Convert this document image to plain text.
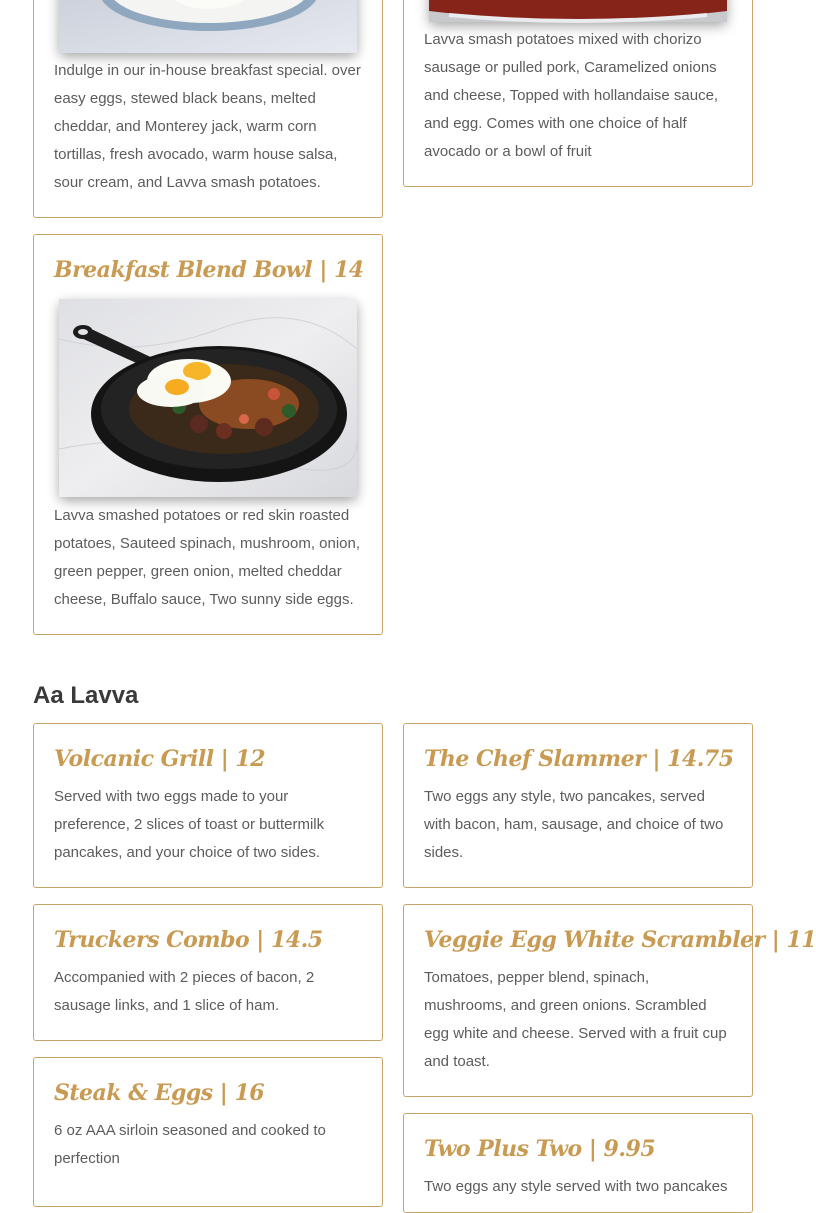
Indulge in our in-house breakfast special. over easy eggs, stewed black beans, melted cheddar, and Monterey jack, warm corn tortillas, fresh avocado, warm house salsa, sour cream, and Lavva smash potatoes.
Lavva smash potatoes mixed with chorizo sausage or pulled pork, Caramelized onions and cheese, Topped with hollandaise sauce, and egg. Comes with one choice of half avocado or a bowl of fruit
Breakfast Blend Bowl | 14
Lavva smashed potatoes or red skin roasted potatoes, Sauteed spinach, mushroom, onion, green pepper, green onion, melted cheddar cheese, Buffalo sauce, Two sunny side eggs.
Aa Lavva
Volcanic Grill | 12
Served with two eggs made to your preference, 2 slices of toast or buttermilk pancakes, and your choice of two sides.
The Chef Slammer | 14.75
Two eggs any style, two pancakes, served with bacon, ham, sausage, and choice of two sides.
Truckers Combo | 14.5
Accompanied with 2 pieces of bacon, 2 sausage links, and 1 slice of ham.
Veggie Egg White Scrambler | 11
Tomatoes, pepper blend, spinach, mushrooms, and green onions. Scrambled egg white and cheese. Served with a fruit cup and toast.
Steak & Eggs | 16
6 oz AAA sirloin seasoned and cooked to perfection	Two Plus Two | 9.95
Two eggs any style served with two pancakes
